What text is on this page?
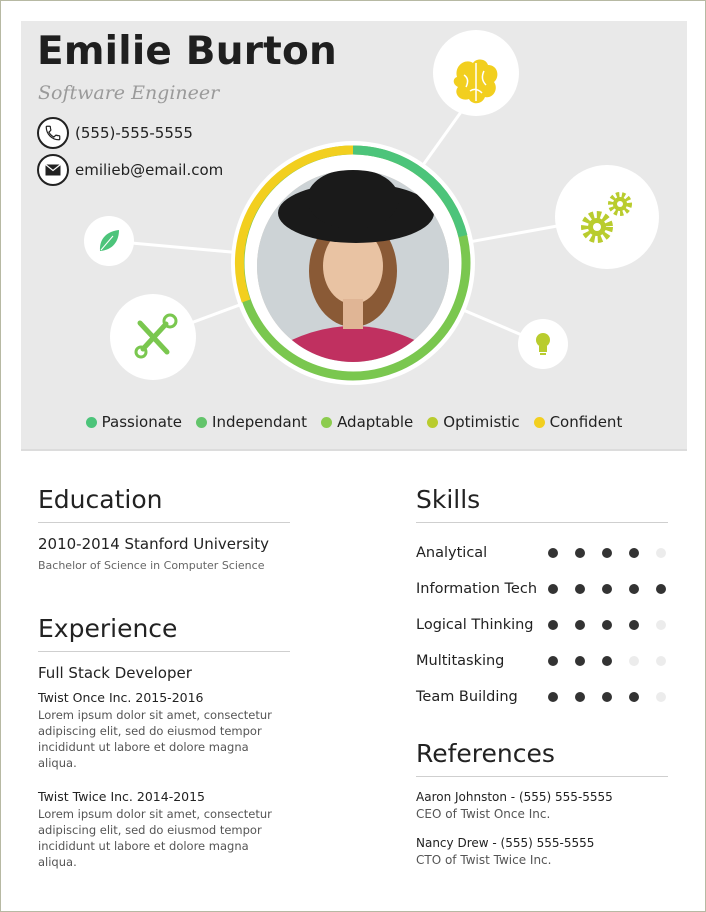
Emilie Burton
Software Engineer
(555)-555-5555
emilieb@email.com
Passionate Independant Adaptable Optimistic Confident
Education
2010-2014 Stanford University
Bachelor of Science in Computer Science
Experience
Full Stack Developer
Twist Once Inc. 2015-2016
Lorem ipsum dolor sit amet, consectetur adipiscing elit, sed do eiusmod tempor incididunt ut labore et dolore magna aliqua.
Twist Twice Inc. 2014-2015
Lorem ipsum dolor sit amet, consectetur adipiscing elit, sed do eiusmod tempor incididunt ut labore et dolore magna aliqua.
Skills
Analytical
Information Tech
Logical Thinking
Multitasking
Team Building
References
Aaron Johnston - (555) 555-5555
CEO of Twist Once Inc.
Nancy Drew - (555) 555-5555
CTO of Twist Twice Inc.
